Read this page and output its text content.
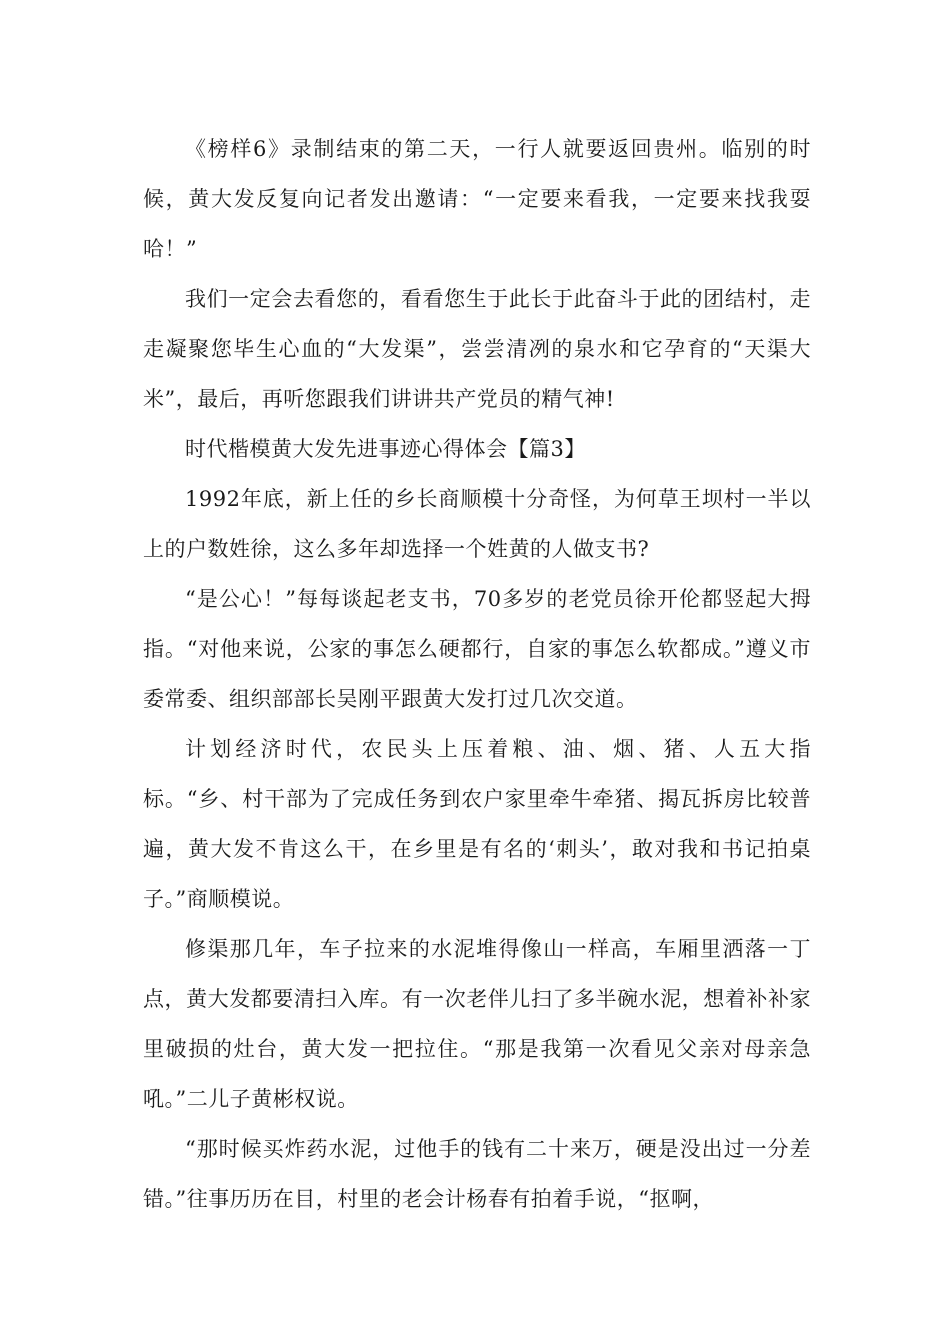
《榜样6》录制结束的第二天，一行人就要返回贵州。临别的时候，黄大发反复向记者发出邀请：“一定要来看我，一定要来找我耍哈！”

我们一定会去看您的，看看您生于此长于此奋斗于此的团结村，走走凝聚您毕生心血的“大发渠”，尝尝清冽的泉水和它孕育的“天渠大米”，最后，再听您跟我们讲讲共产党员的精气神!

时代楷模黄大发先进事迹心得体会【篇3】

1992年底，新上任的乡长商顺模十分奇怪，为何草王坝村一半以上的户数姓徐，这么多年却选择一个姓黄的人做支书?

“是公心！”每每谈起老支书，70多岁的老党员徐开伦都竖起大拇指。“对他来说，公家的事怎么硬都行，自家的事怎么软都成。”遵义市委常委、组织部部长吴刚平跟黄大发打过几次交道。

计划经济时代，农民头上压着粮、油、烟、猪、人五大指标。“乡、村干部为了完成任务到农户家里牵牛牵猪、揭瓦拆房比较普遍，黄大发不肯这么干，在乡里是有名的‘刺头’，敢对我和书记拍桌子。”商顺模说。

修渠那几年，车子拉来的水泥堆得像山一样高，车厢里洒落一丁点，黄大发都要清扫入库。有一次老伴儿扫了多半碗水泥，想着补补家里破损的灶台，黄大发一把拉住。“那是我第一次看见父亲对母亲急吼。”二儿子黄彬权说。

“那时候买炸药水泥，过他手的钱有二十来万，硬是没出过一分差错。”往事历历在目，村里的老会计杨春有拍着手说，“抠啊，
